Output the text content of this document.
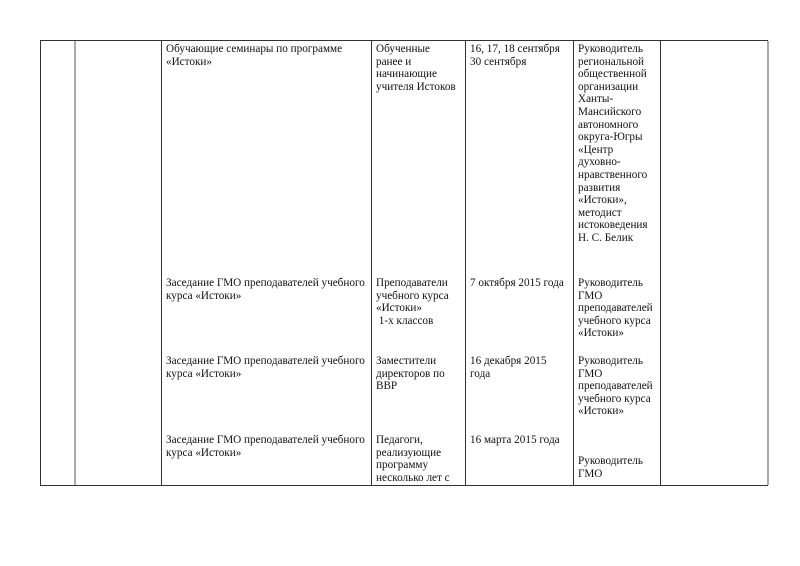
Обучающие семинары по программе
«Истоки»
Обученные
ранее и
начинающие
учителя Истоков
16, 17, 18 сентября
30 сентября
Руководитель
региональной
общественной
организации
Ханты-
Мансийского
автономного
округа-Югры
«Центр
духовно-
нравственного
развития
«Истоки»,
методист
истоковедения
Н. С. Белик
Заседание ГМО преподавателей учебного
курса «Истоки»
Преподаватели
учебного курса
«Истоки»
1-х классов
7 октября 2015 года	Руководитель
ГМО
преподавателей
учебного курса
«Истоки»
Заседание ГМО преподавателей учебного
курса «Истоки»
Заместители
директоров по
ВВР
16 декабря 2015
года
Руководитель
ГМО
преподавателей
учебного курса
«Истоки»
Заседание ГМО преподавателей учебного
курса «Истоки»
Педагоги,
реализующие
программу
несколько лет с
16 марта 2015 года
Руководитель
ГМО
